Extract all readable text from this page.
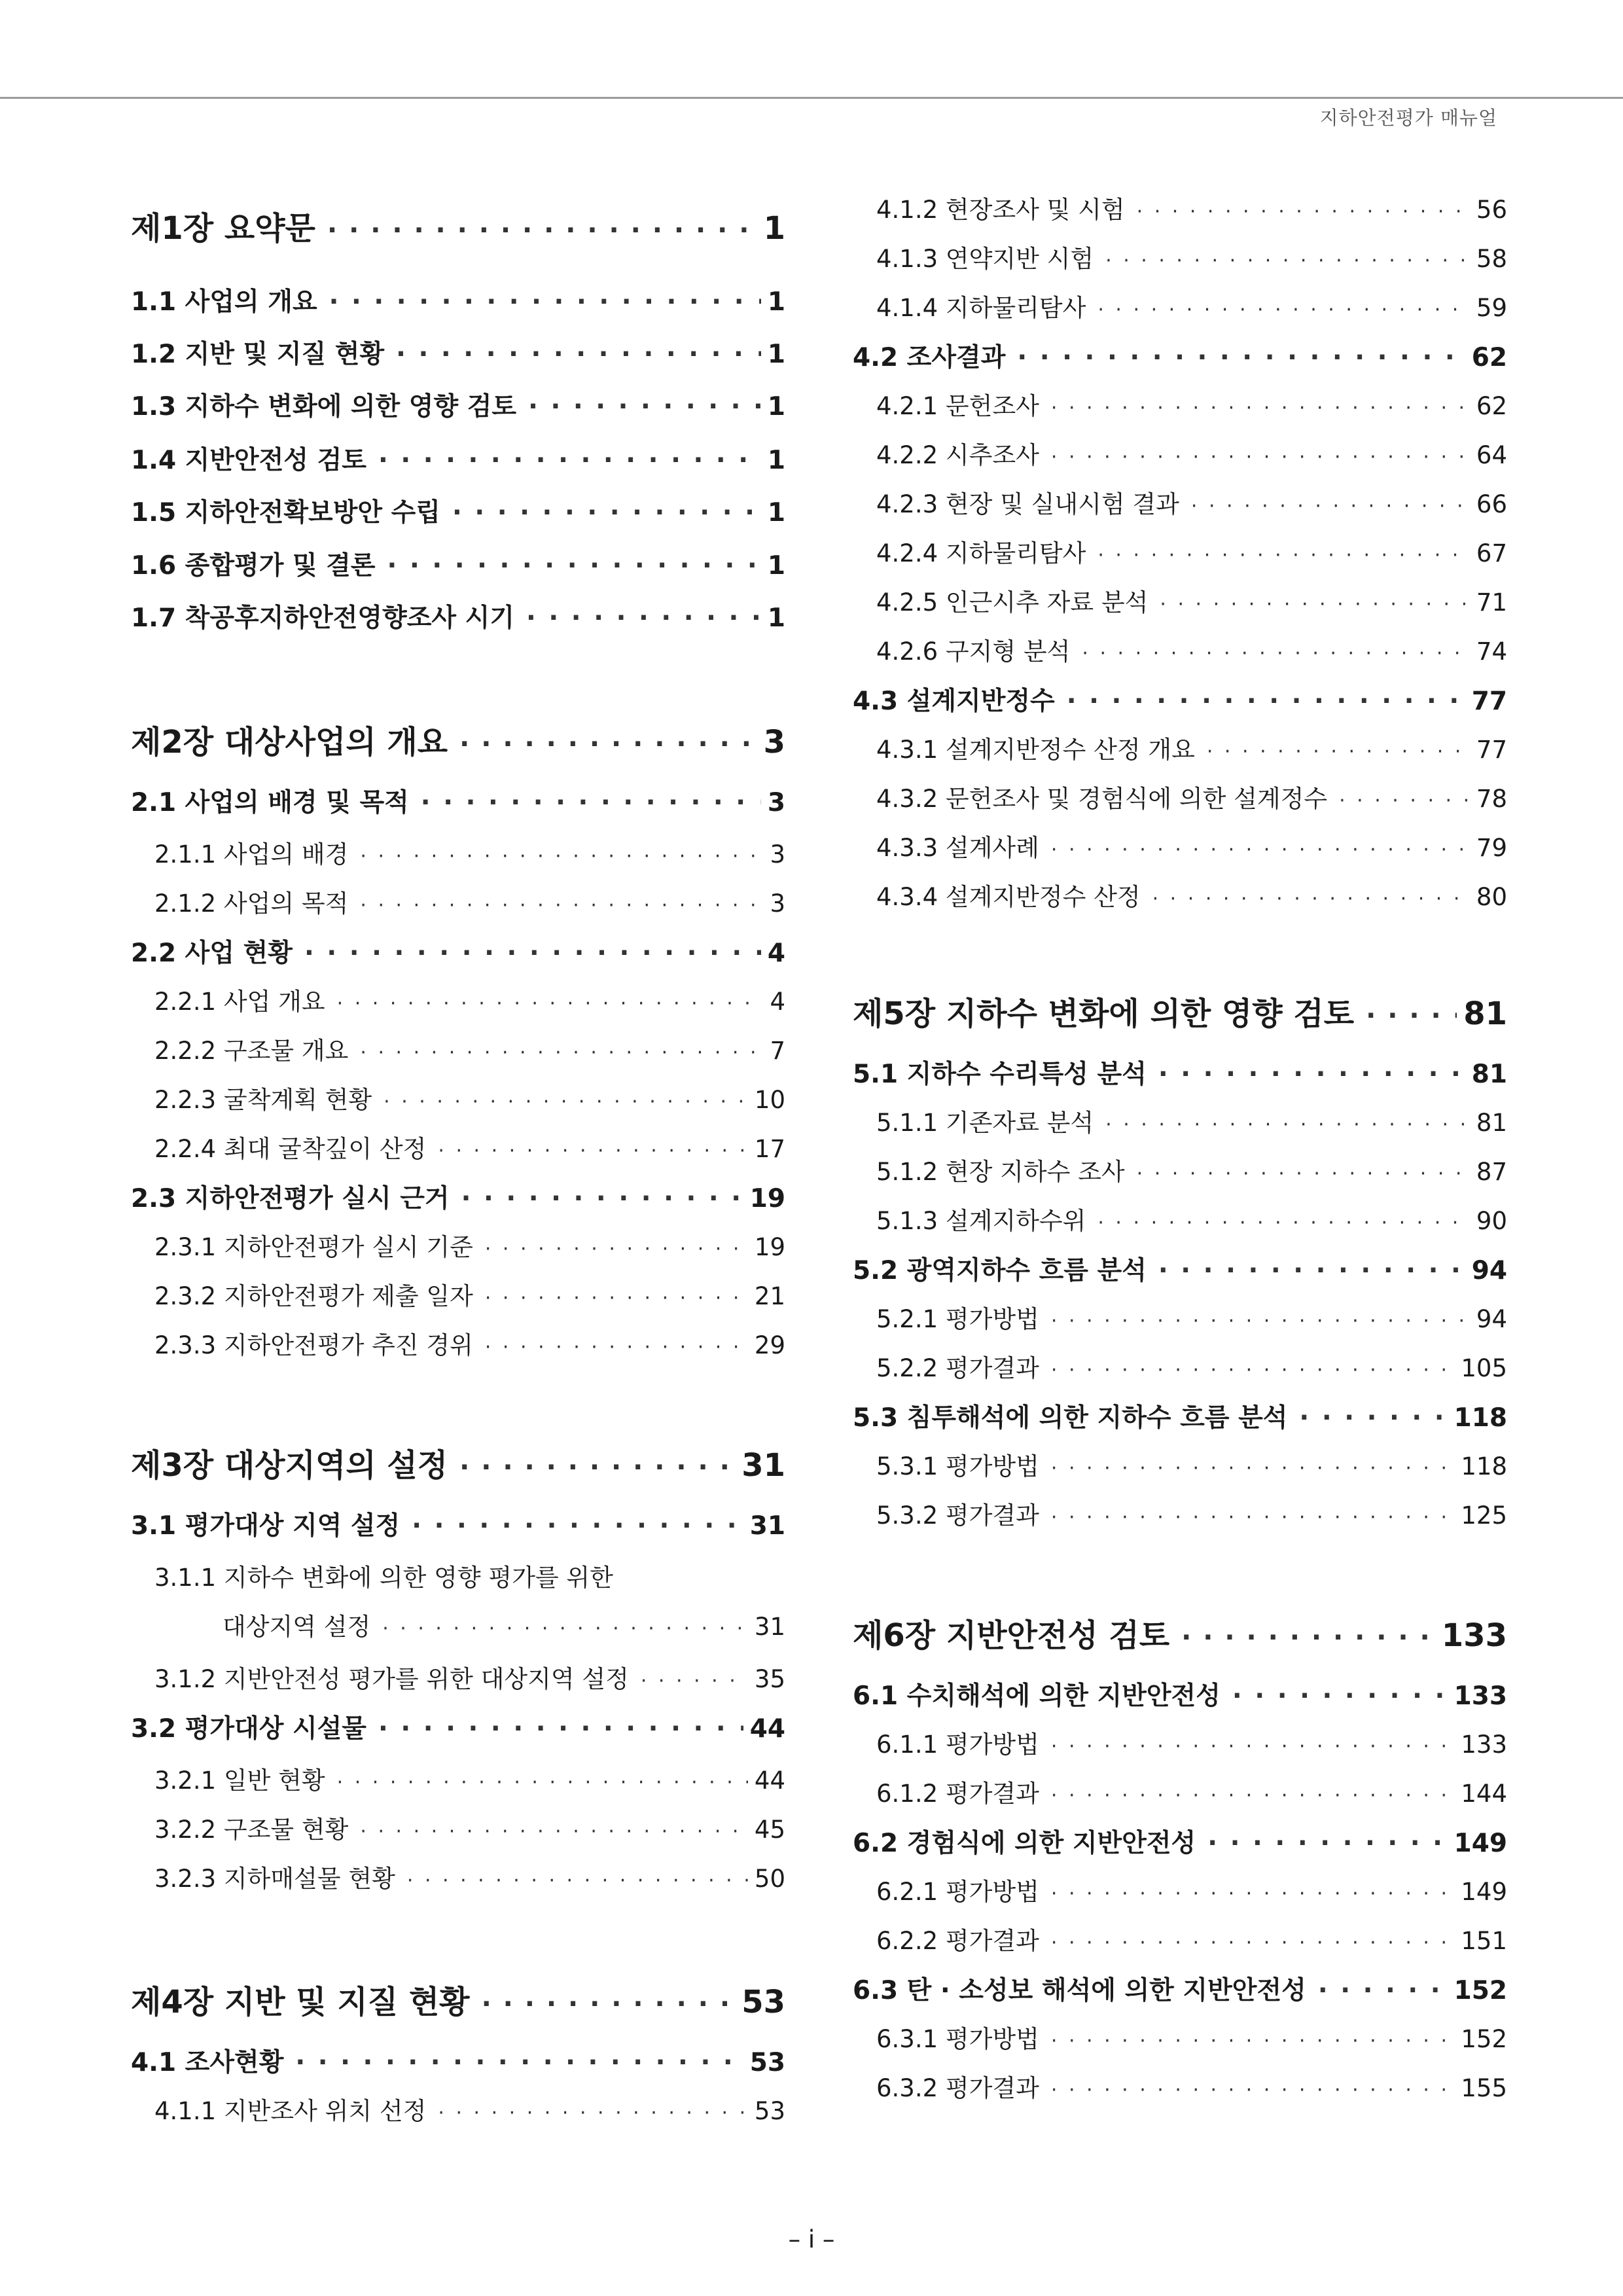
지하안전평가 매뉴얼
제1장 요약문 · · ·	1
1.1 사업의 개요 · · ·	1
1.2 지반 및 지질 현황 · · ·	1
1.3 지하수 변화에 의한 영향 검토 · · ·	1
1.4 지반안전성 검토 · · ·	1
1.5 지하안전확보방안 수립 · · ·	1
1.6 종합평가 및 결론 · · ·	1
1.7 착공후지하안전영향조사 시기 · · ·	1
제2장 대상사업의 개요 · · ·	3
2.1 사업의 배경 및 목적 · · ·	3
2.1.1 사업의 배경 · · ·	3
2.1.2 사업의 목적 · · ·	3
2.2 사업 현황 · · ·	4
2.2.1 사업 개요 · · ·	4
2.2.2 구조물 개요 · · ·	7
2.2.3 굴착계획 현황 · · ·	10
2.2.4 최대 굴착깊이 산정 · · ·	17
2.3 지하안전평가 실시 근거 · · ·	19
2.3.1 지하안전평가 실시 기준 · · ·	19
2.3.2 지하안전평가 제출 일자 · · ·	21
2.3.3 지하안전평가 추진 경위 · · ·	29
제3장 대상지역의 설정 · · ·	31
3.1 평가대상 지역 설정 · · ·	31
3.1.1 지하수 변화에 의한 영향 평가를 위한
대상지역 설정 · · ·	31
3.1.2 지반안전성 평가를 위한 대상지역 설정 · · ·	35
3.2 평가대상 시설물 · · ·	44
3.2.1 일반 현황 · · ·	44
3.2.2 구조물 현황 · · ·	45
3.2.3 지하매설물 현황 · · ·	50
제4장 지반 및 지질 현황 · · ·	53
4.1 조사현황 · · ·	53
4.1.1 지반조사 위치 선정 · · ·	53
4.1.2 현장조사 및 시험 · · ·	56
4.1.3 연약지반 시험 · · ·	58
4.1.4 지하물리탐사 · · ·	59
4.2 조사결과 · · ·	62
4.2.1 문헌조사 · · ·	62
4.2.2 시추조사 · · ·	64
4.2.3 현장 및 실내시험 결과 · · ·	66
4.2.4 지하물리탐사 · · ·	67
4.2.5 인근시추 자료 분석 · · ·	71
4.2.6 구지형 분석 · · ·	74
4.3 설계지반정수 · · ·	77
4.3.1 설계지반정수 산정 개요 · · ·	77
4.3.2 문헌조사 및 경험식에 의한 설계정수 · · ·	78
4.3.3 설계사례 · · ·	79
4.3.4 설계지반정수 산정 · · ·	80
제5장 지하수 변화에 의한 영향 검토 · · ·	81
5.1 지하수 수리특성 분석 · · ·	81
5.1.1 기존자료 분석 · · ·	81
5.1.2 현장 지하수 조사 · · ·	87
5.1.3 설계지하수위 · · ·	90
5.2 광역지하수 흐름 분석 · · ·	94
5.2.1 평가방법 · · ·	94
5.2.2 평가결과 · · ·	105
5.3 침투해석에 의한 지하수 흐름 분석 · · ·	118
5.3.1 평가방법 · · ·	118
5.3.2 평가결과 · · ·	125
제6장 지반안전성 검토 · · ·	133
6.1 수치해석에 의한 지반안전성 · · ·	133
6.1.1 평가방법 · · ·	133
6.1.2 평가결과 · · ·	144
6.2 경험식에 의한 지반안전성 · · ·	149
6.2.1 평가방법 · · ·	149
6.2.2 평가결과 · · ·	151
6.3 탄 · 소성보 해석에 의한 지반안전성 · · ·	152
6.3.1 평가방법 · · ·	152
6.3.2 평가결과 · · ·	155
– i –
